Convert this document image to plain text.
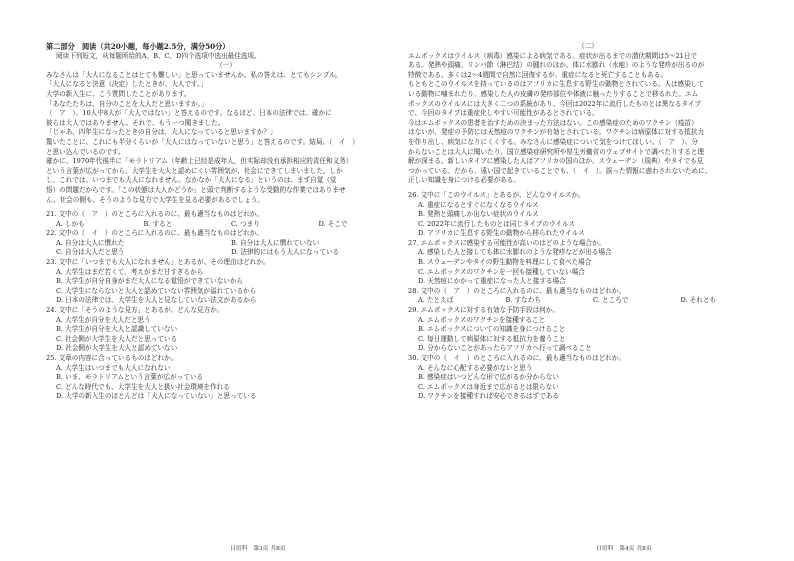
第二部分　阅读（共20小题，每小题2.5分，满分50分）
阅读下列短文，从每题所给的A、B、C、D四个选项中选出最佳选项。
（一）
みなさんは「大人になることはとても難しい」と思っていませんか。私の答えは、とてもシンプル。
「大人になると決意（決定）したときが、大人です。」
大学の新入生に、こう質問したことがあります。
「あなたたちは、自分のことを大人だと思いますか。」
（　ア　）、10人中8人が「大人ではない」と答えるのです。なるほど、日本の法律では、確かに
彼らは大人ではありません。それで、もう一つ聞きました。
「じゃあ、四年生になったときの自分は、大人になっていると思いますか？」
驚いたことに、これにも半分くらいが「大人にはなっていないと思う」と答えるのです。結局、（　イ　）
と思い込んでいるのです。
確かに、1970年代後半に「モラトリアム（年齢上已经是成年人，但实际却没有承担相应的责任和义务）
という言葉が広がってから、大学生を大人と認めにくい雰囲気が、社会にできてしまいました。しか
し、これでは、いつまでも大人になれません。なかなか「大人になる」というのは、まず自覚（觉
悟）の問題だからです。「この状態は大人かどうか」と頭で判断するような受動的な作業ではありませ
ん。社会の側も、そうのような見方で大学生を見る必要があるでしょう。
21. 文中の（　ア　）のところに入れるのに、最も適当なものはどれか。
A. しかも	B. すると	C. つまり	D. そこで
22. 文中の（　イ　）のところに入れるのに、最も適当なものはどれか。
A. 自分は大人に慣れた	B. 自分は大人に慣れていない
C. 自分は大人だと思う	D. 法律的にはもう大人になっている
23. 文中に「いつまでも大人になれません」とあるが、その理由はどれか。
A. 大学生はまだ若くて、考えがまだ甘すぎるから
B. 大学生が自分自身がまだ大人になる覚悟ができていないから
C. 大学生にならないと大人と認めていない雰囲気が溢れているから
D. 日本の法律では、大学生を大人と見なしていない法文があるから
24. 文中に「そうのような見方」とあるが、どんな見方か。
A. 大学生が自分を大人だと思う
B. 大学生が自分を大人と認識していない
C. 社会側が大学生を大人だと思っている
D. 社会側が大学生を大人と認めていない
25. 文章の内容に合っているものはどれか。
A. 大学生はいつまでも大人になれない
B. いま、モラトリアムという言葉が広がっている
C. どんな時代でも、大学生を大人と扱い社会環境を作れる
D. 大学の新入生のほとんどは「大人になっていない」と思っている
（二）
エムポックスはウイルス（病毒）感染による病気である。症状が出るまでの潜伏期間は5～21日で
ある。発熱や頭痛、リンパ節（淋巴结）の腫れのほか、体に水膨れ（水疱）のような発疹が出るのが
特徴である。多くは2～4週間で自然に回復するが、重症になると死亡することもある。
もともとこのウイルスを持っているのはアフリカに生息する野生の動物とされている。人は感染して
いる動物に噛まれたり、感染した人の皮膚の発疹部位や体液に触ったりすることで移るれた。エム
ポックスのウイルスには大きく二つの系統があり、今回は2022年に流行したものとは異なるタイプ
で、今回のタイプは重症化しやすい可能性があるとされている。
今はエムポックスの患者を治すための決まった方法はない。この感染症のためのワクチン（疫苗）
はないが、発症の予防には天然痘のワクチンが有効とされている。ワクチンは病原体に対する抵抗力
を作り出し、病気になりにくくする。みなさんに感染症について気をつけてほしい。（　ア　）、分
からないことは大人に聞いたり、国立感染症研究所や厚生労働省のウェブサイトで調べたりすると理
解が深まる。新しいタイプに感染した人はアフリカの国のほか、スウェーデン（瑞典）やタイでも見
つかっている。だから、遠い国で起きていることでも、（　イ　）。誤った情報に惑わされないために、
正しい知識を身につける必要がある。
26. 文中に「このウイルス」とあるが、どんなウイルスか。
A. 重症になるとすぐになくなるウイルス
B. 発熱と頭痛しか出ない症状のウイルス
C. 2022年に流行したものとは同じタイプのウイルス
D. アフリカに生息する野生の動物から移られたウイルス
27. エムポックスに感染する可能性が高いのはどのような場合か。
A. 感染した人と接しても体に水膨れのような発疹などが出る場合
B. スウェーデンやタイの野生動物を料理にして食べた場合
C. エムポックスのワクチンを一回も接種していない場合
D. 天然痘にかかって重症になった人と接する場合
28. 文中の（　ア　）のところに入れるのに、最も適当なものはどれか。
A. たとえば	B. すなわち	C. ところで	D. それとも
29. エムポックスに対する有効な予防手段は何か。
A. エムポックスのワクチンを接種すること
B. エムポックスについての知識を身につけること
C. 毎日運動して病原体に対する抵抗力を養うこと
D. 分からないことがあったらアフリカへ行って調べること
30. 文中の（　イ　）のところに入れるのに、最も適当なものはどれか。
A. そんなに心配する必要がないと思う
B. 感染症はいつどんな形で広がるか分からない
C. エムポックスは身近まで広がるとは限らない
D. ワクチンを接種すれば安心できるはずである
日语科　第3页 共8页	日语科　第4页 共8页
